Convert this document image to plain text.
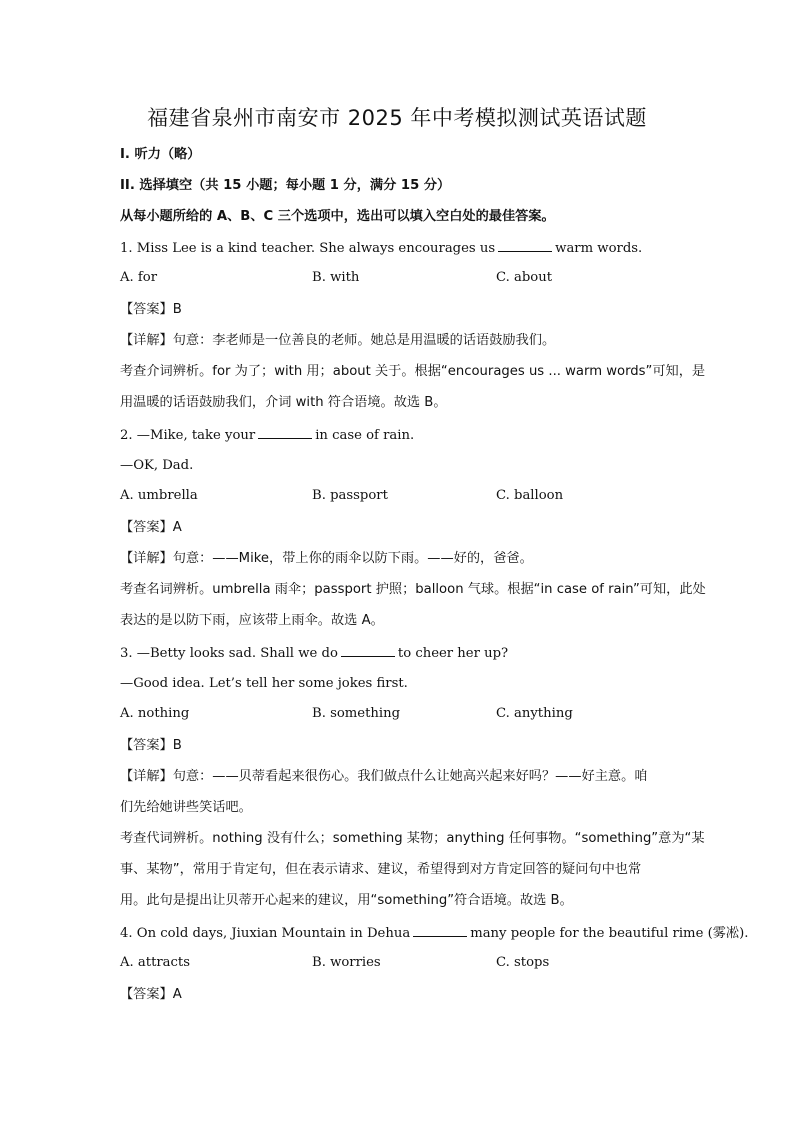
福建省泉州市南安市 2025 年中考模拟测试英语试题
I. 听力（略）
II. 选择填空（共 15 小题；每小题 1 分，满分 15 分）
从每小题所给的 A、B、C 三个选项中，选出可以填入空白处的最佳答案。
1. Miss Lee is a kind teacher. She always encourages us	warm words.
A. for	B. with	C. about
【答案】B
【详解】句意：李老师是一位善良的老师。她总是用温暖的话语鼓励我们。
考查介词辨析。for 为了；with 用；about 关于。根据“encourages us ... warm words”可知，是
用温暖的话语鼓励我们，介词 with 符合语境。故选 B。
2. —Mike, take your	in case of rain.
—OK, Dad.
A. umbrella	B. passport	C. balloon
【答案】A
【详解】句意：——Mike，带上你的雨伞以防下雨。——好的，爸爸。
考查名词辨析。umbrella 雨伞；passport 护照；balloon 气球。根据“in case of rain”可知，此处
表达的是以防下雨，应该带上雨伞。故选 A。
3. —Betty looks sad. Shall we do	to cheer her up?
—Good idea. Let’s tell her some jokes first.
A. nothing	B. something	C. anything
【答案】B
【详解】句意：——贝蒂看起来很伤心。我们做点什么让她高兴起来好吗？——好主意。咱
们先给她讲些笑话吧。
考查代词辨析。nothing 没有什么；something 某物；anything 任何事物。“something”意为“某
事、某物”，常用于肯定句，但在表示请求、建议，希望得到对方肯定回答的疑问句中也常
用。此句是提出让贝蒂开心起来的建议，用“something”符合语境。故选 B。
4. On cold days, Jiuxian Mountain in Dehua	many people for the beautiful rime (雾凇).
A. attracts	B. worries	C. stops
【答案】A
